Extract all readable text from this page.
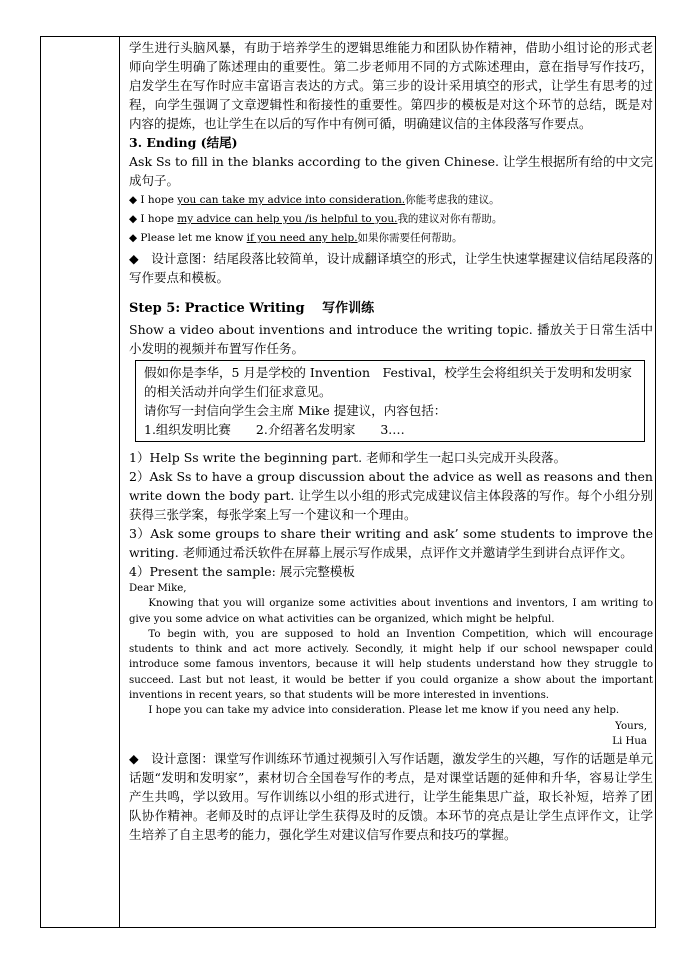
学生进行头脑风暴，有助于培养学生的逻辑思维能力和团队协作精神，借助小组讨论的形式老师向学生明确了陈述理由的重要性。第二步老师用不同的方式陈述理由，意在指导写作技巧，启发学生在写作时应丰富语言表达的方式。第三步的设计采用填空的形式，让学生有思考的过程，向学生强调了文章逻辑性和衔接性的重要性。第四步的模板是对这个环节的总结，既是对内容的提炼，也让学生在以后的写作中有例可循，明确建议信的主体段落写作要点。

3. Ending (结尾)

Ask Ss to fill in the blanks according to the given Chinese. 让学生根据所有给的中文完成句子。

◆ I hope you can take my advice into consideration.你能考虑我的建议。

◆ I hope my advice can help you /is helpful to you.我的建议对你有帮助。

◆ Please let me know if you need any help.如果你需要任何帮助。

◆　设计意图：结尾段落比较简单，设计成翻译填空的形式，让学生快速掌握建议信结尾段落的写作要点和模板。

Step 5: Practice Writing　 写作训练

Show a video about inventions and introduce the writing topic. 播放关于日常生活中小发明的视频并布置写作任务。

假如你是李华，5 月是学校的 Invention　Festival，校学生会将组织关于发明和发明家的相关活动并向学生们征求意见。
请你写一封信向学生会主席 Mike 提建议，内容包括：
1.组织发明比赛　　2.介绍著名发明家　　3.…

1）Help Ss write the beginning part. 老师和学生一起口头完成开头段落。

2）Ask Ss to have a group discussion about the advice as well as reasons and then write down the body part. 让学生以小组的形式完成建议信主体段落的写作。每个小组分别获得三张学案，每张学案上写一个建议和一个理由。

3）Ask some groups to share their writing and ask’ some students to improve the writing. 老师通过希沃软件在屏幕上展示写作成果，点评作文并邀请学生到讲台点评作文。

4）Present the sample: 展示完整模板

Dear Mike,

Knowing that you will organize some activities about inventions and inventors, I am writing to give you some advice on what activities can be organized, which might be helpful.

To begin with, you are supposed to hold an Invention Competition, which will encourage students to think and act more actively. Secondly, it might help if our school newspaper could introduce some famous inventors, because it will help students understand how they struggle to succeed. Last but not least, it would be better if you could organize a show about the important inventions in recent years, so that students will be more interested in inventions.

I hope you can take my advice into consideration. Please let me know if you need any help.

Yours,

Li Hua

◆　设计意图：课堂写作训练环节通过视频引入写作话题，激发学生的兴趣，写作的话题是单元话题“发明和发明家”，素材切合全国卷写作的考点，是对课堂话题的延伸和升华，容易让学生产生共鸣，学以致用。写作训练以小组的形式进行，让学生能集思广益，取长补短，培养了团队协作精神。老师及时的点评让学生获得及时的反馈。本环节的亮点是让学生点评作文，让学生培养了自主思考的能力，强化学生对建议信写作要点和技巧的掌握。
